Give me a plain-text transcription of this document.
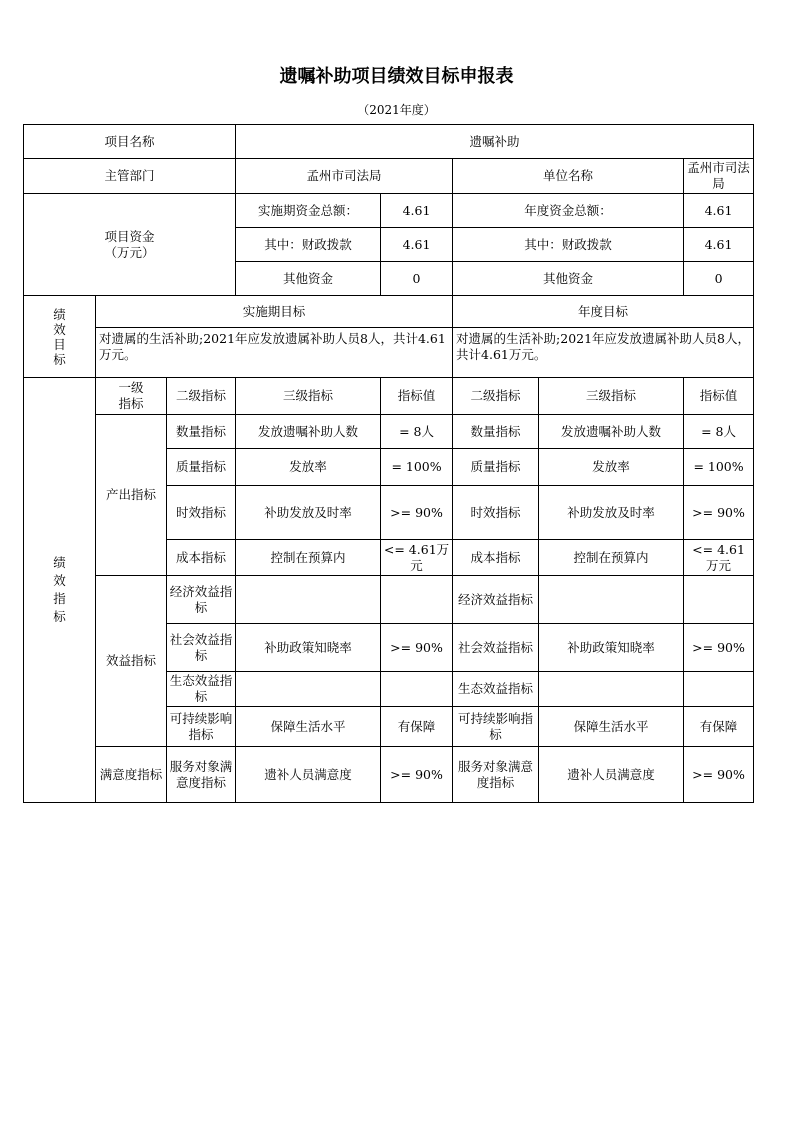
遗嘱补助项目绩效目标申报表
（2021年度）
项目名称			遗嘱补助				
主管部门			孟州市司法局		单位名称		孟州市司法局
项目资金
（万元）			实施期资金总额：	4.61	年度资金总额：		4.61
			其中：财政拨款	4.61	其中：财政拨款		4.61
			其他资金	0	其他资金		0
绩
效
目
标	实施期目标				年度目标		
	对遗属的生活补助;2021年应发放遗属补助人员8人，共计4.61万元。				对遗属的生活补助;2021年应发放遗属补助人员8人，共计4.61万元。		
绩
效
指
标	一级
指标	二级指标	三级指标	指标值	二级指标	三级指标	指标值
	产出指标	数量指标	发放遗嘱补助人数	= 8人	数量指标	发放遗嘱补助人数	= 8人
		质量指标	发放率	= 100%	质量指标	发放率	= 100%
		时效指标	补助发放及时率	>= 90%	时效指标	补助发放及时率	>= 90%
		成本指标	控制在预算内	<= 4.61万元	成本指标	控制在预算内	<= 4.61万元
	效益指标	经济效益指标			经济效益指标		
		社会效益指标	补助政策知晓率	>= 90%	社会效益指标	补助政策知晓率	>= 90%
		生态效益指标			生态效益指标		
		可持续影响指标	保障生活水平	有保障	可持续影响指标	保障生活水平	有保障
	满意度指标	服务对象满意度指标	遗补人员满意度	>= 90%	服务对象满意度指标	遗补人员满意度	>= 90%
